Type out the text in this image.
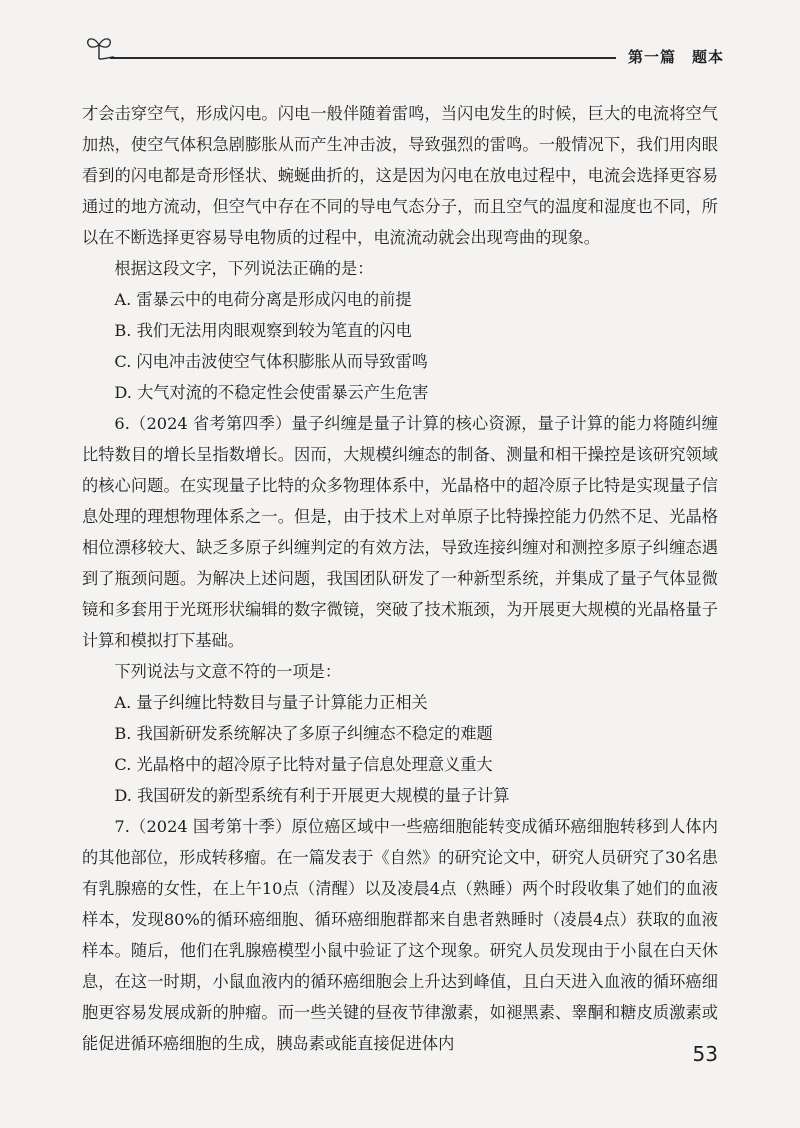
第一篇　题本

才会击穿空气，形成闪电。闪电一般伴随着雷鸣，当闪电发生的时候，巨大的电流将空气加热，使空气体积急剧膨胀从而产生冲击波，导致强烈的雷鸣。一般情况下，我们用肉眼看到的闪电都是奇形怪状、蜿蜒曲折的，这是因为闪电在放电过程中，电流会选择更容易通过的地方流动，但空气中存在不同的导电气态分子，而且空气的温度和湿度也不同，所以在不断选择更容易导电物质的过程中，电流流动就会出现弯曲的现象。

根据这段文字，下列说法正确的是：

A. 雷暴云中的电荷分离是形成闪电的前提

B. 我们无法用肉眼观察到较为笔直的闪电

C. 闪电冲击波使空气体积膨胀从而导致雷鸣

D. 大气对流的不稳定性会使雷暴云产生危害

6.（2024 省考第四季）量子纠缠是量子计算的核心资源，量子计算的能力将随纠缠比特数目的增长呈指数增长。因而，大规模纠缠态的制备、测量和相干操控是该研究领域的核心问题。在实现量子比特的众多物理体系中，光晶格中的超冷原子比特是实现量子信息处理的理想物理体系之一。但是，由于技术上对单原子比特操控能力仍然不足、光晶格相位漂移较大、缺乏多原子纠缠判定的有效方法，导致连接纠缠对和测控多原子纠缠态遇到了瓶颈问题。为解决上述问题，我国团队研发了一种新型系统，并集成了量子气体显微镜和多套用于光斑形状编辑的数字微镜，突破了技术瓶颈，为开展更大规模的光晶格量子计算和模拟打下基础。

下列说法与文意不符的一项是：

A. 量子纠缠比特数目与量子计算能力正相关

B. 我国新研发系统解决了多原子纠缠态不稳定的难题

C. 光晶格中的超冷原子比特对量子信息处理意义重大

D. 我国研发的新型系统有利于开展更大规模的量子计算

7.（2024 国考第十季）原位癌区域中一些癌细胞能转变成循环癌细胞转移到人体内的其他部位，形成转移瘤。在一篇发表于《自然》的研究论文中，研究人员研究了30名患有乳腺癌的女性，在上午10点（清醒）以及凌晨4点（熟睡）两个时段收集了她们的血液样本，发现80%的循环癌细胞、循环癌细胞群都来自患者熟睡时（凌晨4点）获取的血液样本。随后，他们在乳腺癌模型小鼠中验证了这个现象。研究人员发现由于小鼠在白天休息，在这一时期，小鼠血液内的循环癌细胞会上升达到峰值，且白天进入血液的循环癌细胞更容易发展成新的肿瘤。而一些关键的昼夜节律激素，如褪黑素、睾酮和糖皮质激素或能促进循环癌细胞的生成，胰岛素或能直接促进体内	53
